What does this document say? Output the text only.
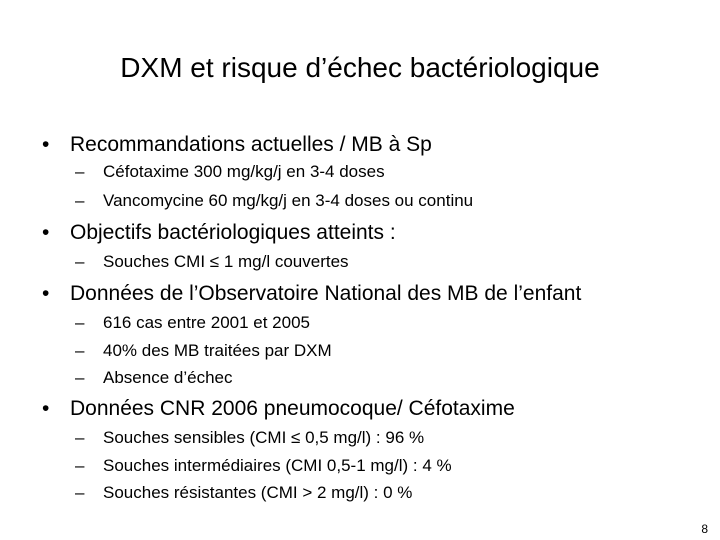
DXM et risque d’échec bactériologique
• Recommandations actuelles / MB à Sp
– Céfotaxime 300 mg/kg/j en 3-4 doses
– Vancomycine 60 mg/kg/j en 3-4 doses ou continu
• Objectifs bactériologiques atteints :
– Souches CMI ≤ 1 mg/l couvertes
• Données de l’Observatoire National des MB de l’enfant
– 616 cas entre 2001 et 2005
– 40% des MB traitées par DXM
– Absence d’échec
• Données CNR 2006 pneumocoque/ Céfotaxime
– Souches sensibles (CMI ≤ 0,5 mg/l) : 96 %
– Souches intermédiaires (CMI 0,5-1 mg/l) : 4 %
– Souches résistantes (CMI > 2 mg/l) : 0 %
8
